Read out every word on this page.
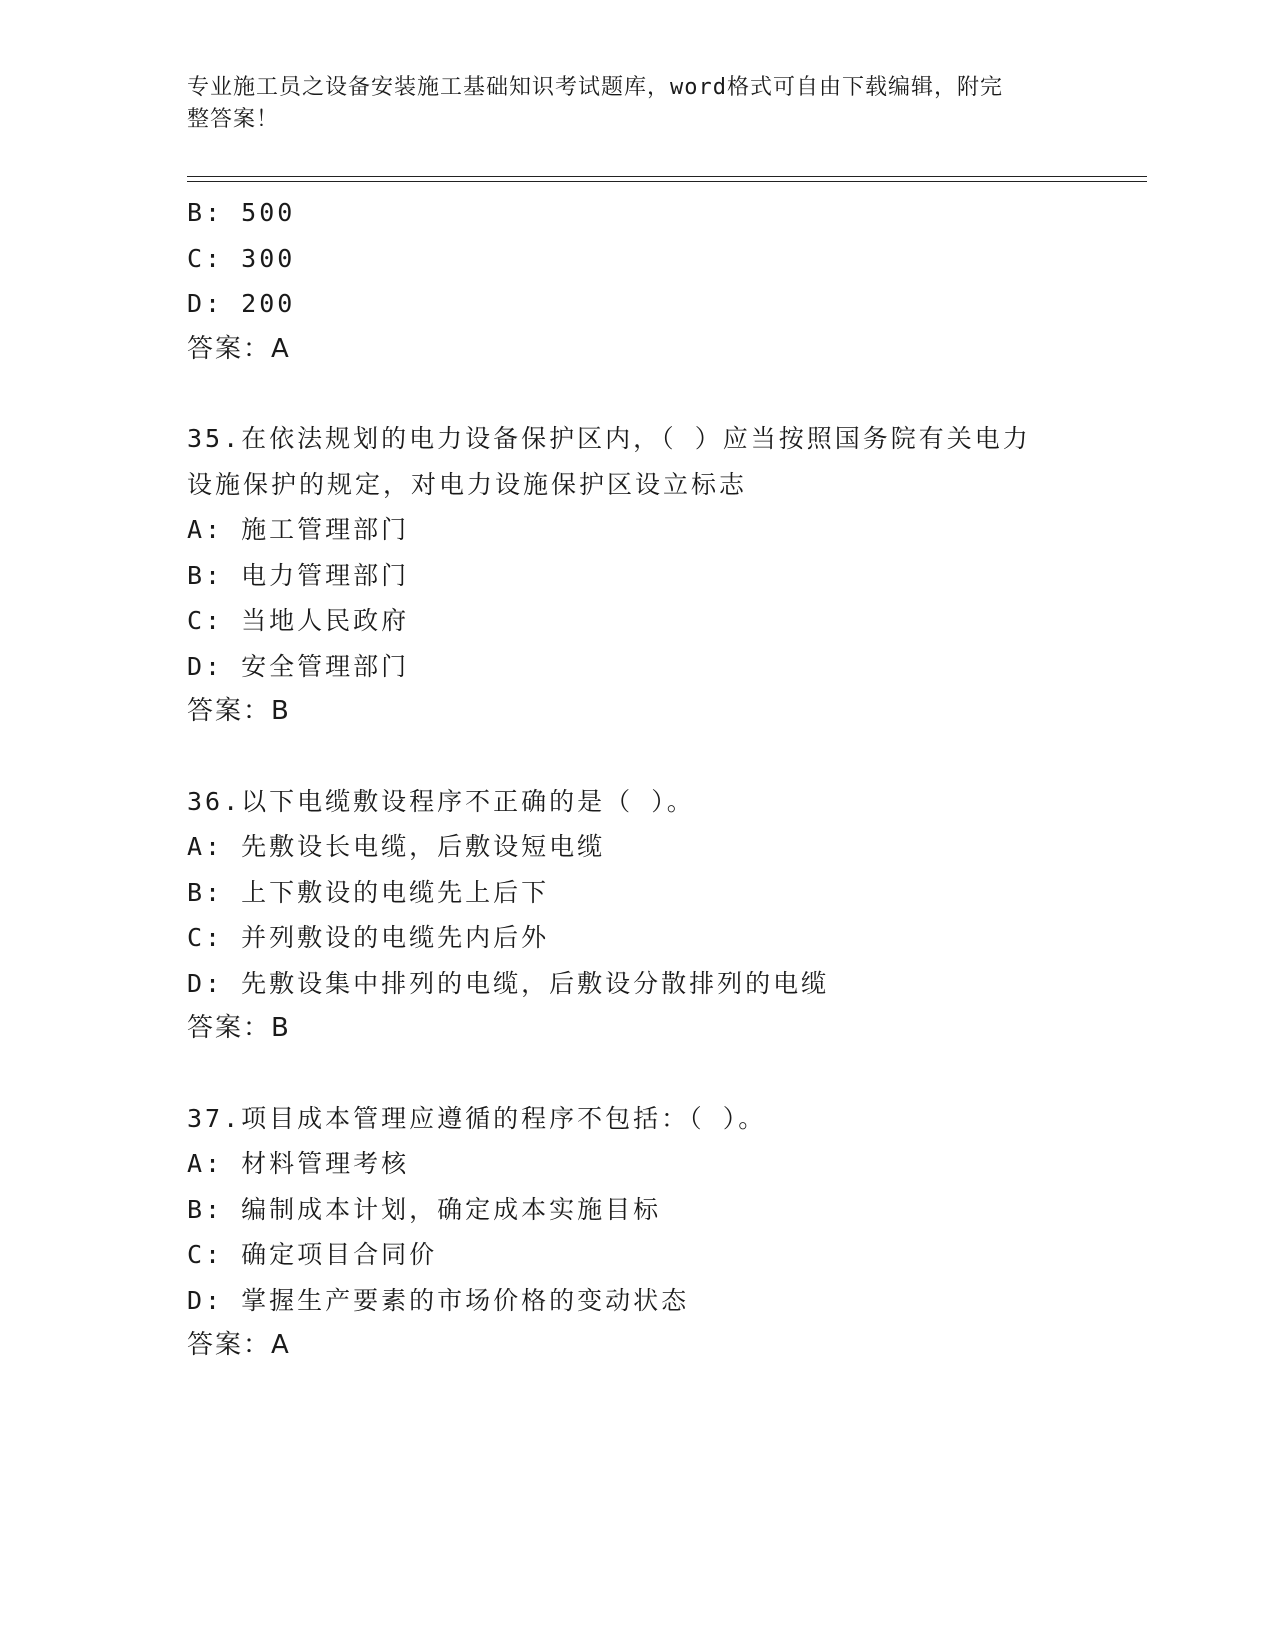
专业施工员之设备安装施工基础知识考试题库，word格式可自由下载编辑，附完
整答案！
B: 500
C: 300
D: 200
答案：A
35.在依法规划的电力设备保护区内，（ ）应当按照国务院有关电力
设施保护的规定，对电力设施保护区设立标志
A: 施工管理部门
B: 电力管理部门
C: 当地人民政府
D: 安全管理部门
答案：B
36.以下电缆敷设程序不正确的是（ ）。
A: 先敷设长电缆，后敷设短电缆
B: 上下敷设的电缆先上后下
C: 并列敷设的电缆先内后外
D: 先敷设集中排列的电缆，后敷设分散排列的电缆
答案：B
37.项目成本管理应遵循的程序不包括：（ ）。
A: 材料管理考核
B: 编制成本计划，确定成本实施目标
C: 确定项目合同价
D: 掌握生产要素的市场价格的变动状态
答案：A
